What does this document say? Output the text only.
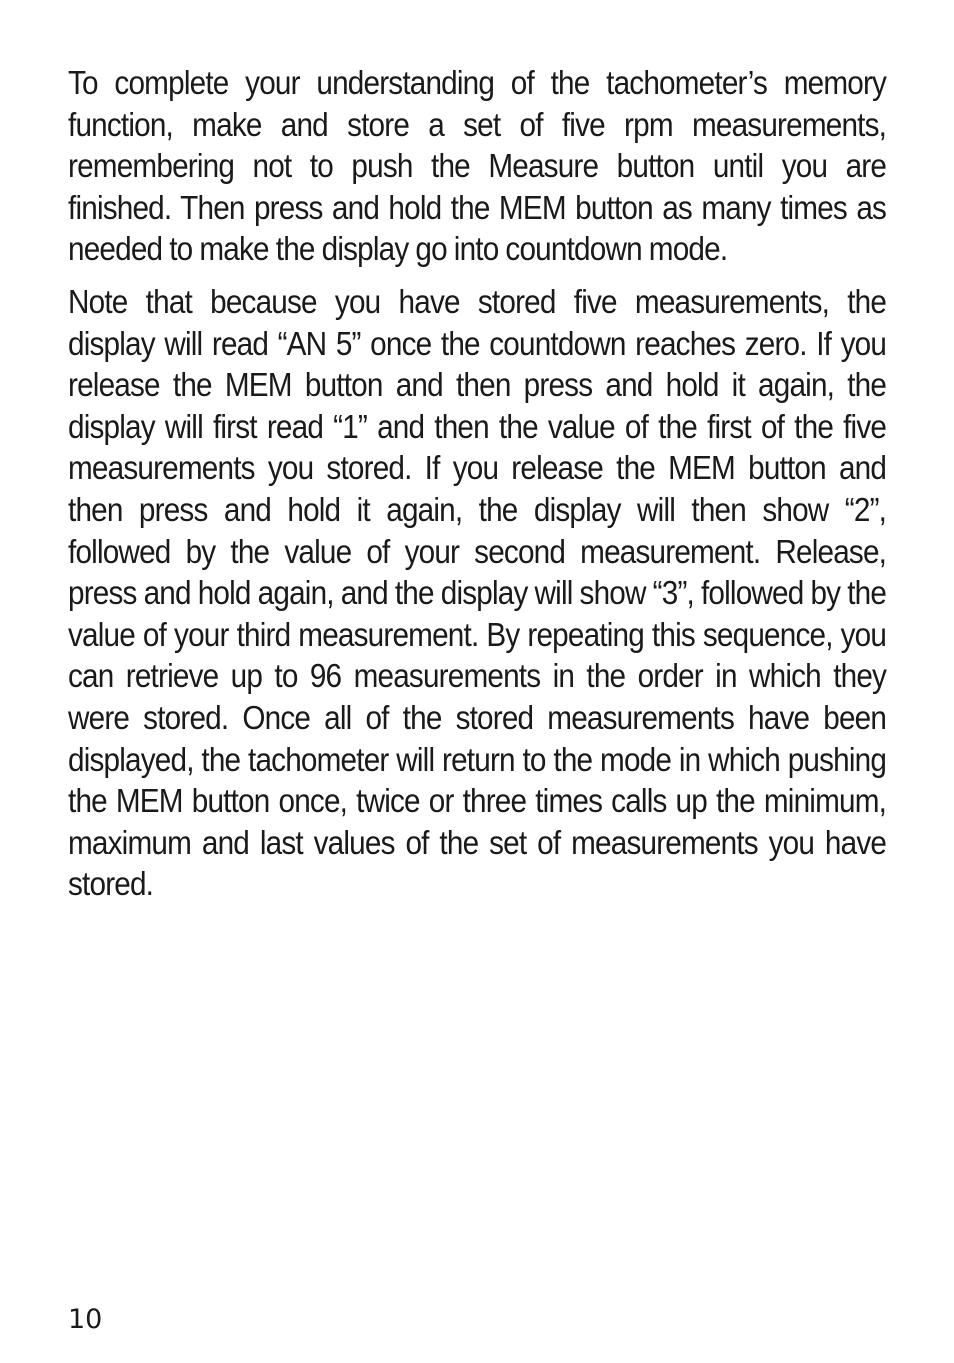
To complete your understanding of the tachometer’s memory function, make and store a set of five rpm measurements, remembering not to push the Measure button until you are finished. Then press and hold the MEM button as many times as needed to make the display go into countdown mode.

Note that because you have stored five measurements, the display will read “AN 5” once the countdown reaches zero. If you release the MEM button and then press and hold it again, the display will first read “1” and then the value of the first of the five measurements you stored. If you release the MEM button and then press and hold it again, the display will then show “2”, followed by the value of your second measurement. Release, press and hold again, and the display will show “3”, followed by the value of your third measurement. By repeating this sequence, you can retrieve up to 96 measurements in the order in which they were stored. Once all of the stored measurements have been displayed, the tachometer will return to the mode in which pushing the MEM button once, twice or three times calls up the minimum, maximum and last values of the set of measurements you have stored.

10
